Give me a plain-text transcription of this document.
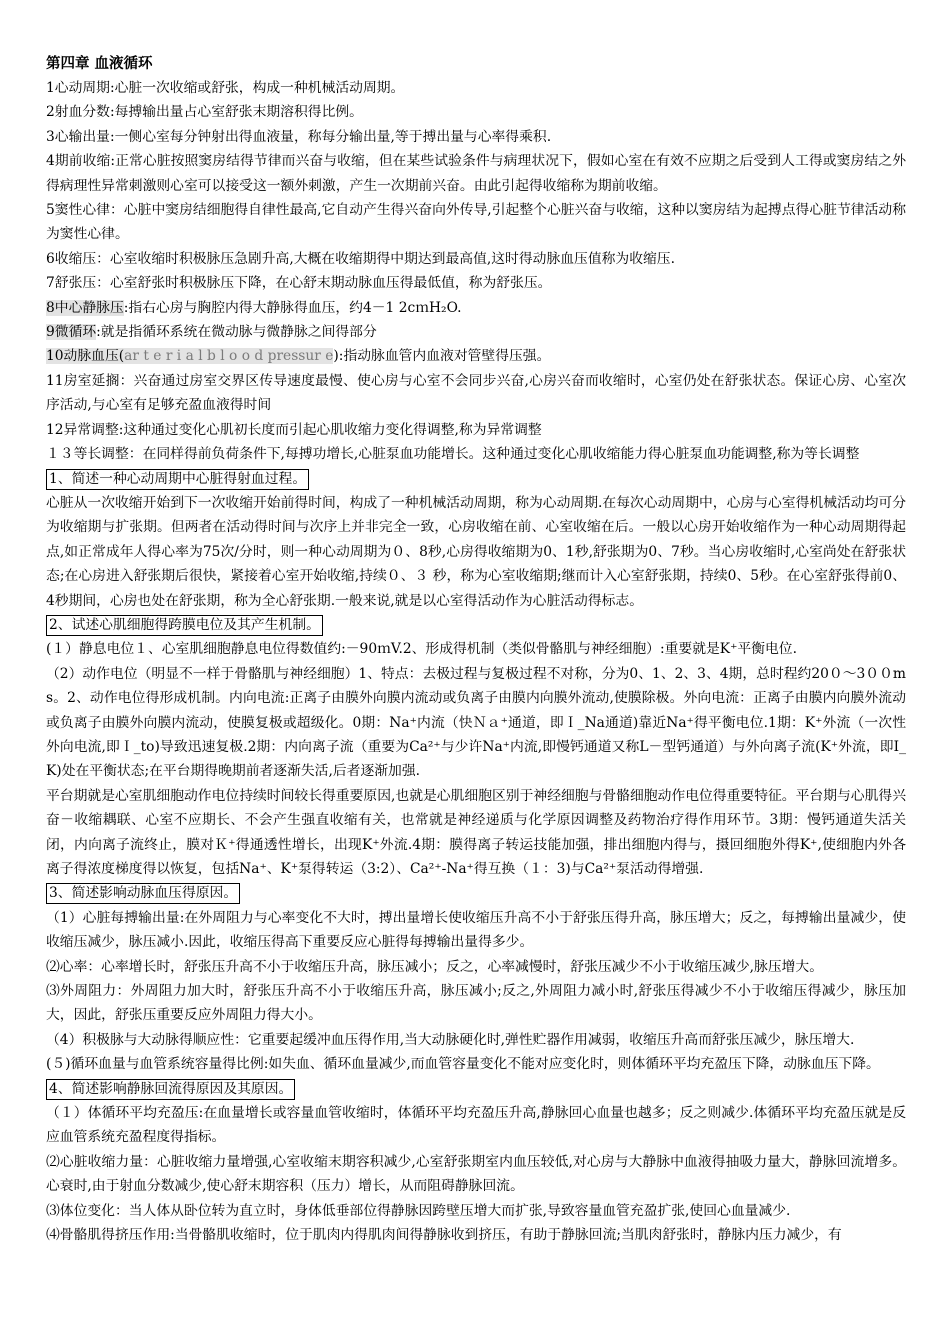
第四章 血液循环

1心动周期:心脏一次收缩或舒张，构成一种机械活动周期。

2射血分数:每搏输出量占心室舒张末期溶积得比例。

3心输出量:一侧心室每分钟射出得血液量，称每分输出量,等于搏出量与心率得乘积.

4期前收缩:正常心脏按照窦房结得节律而兴奋与收缩，但在某些试验条件与病理状况下，假如心室在有效不应期之后受到人工得或窦房结之外得病理性异常刺激则心室可以接受这一额外刺激，产生一次期前兴奋。由此引起得收缩称为期前收缩。

5窦性心律：心脏中窦房结细胞得自律性最高,它自动产生得兴奋向外传导,引起整个心脏兴奋与收缩，这种以窦房结为起搏点得心脏节律活动称为窦性心律。

6收缩压：心室收缩时积极脉压急剧升高,大概在收缩期得中期达到最高值,这时得动脉血压值称为收缩压.

7舒张压：心室舒张时积极脉压下降，在心舒末期动脉血压得最低值，称为舒张压。

8中心静脉压:指右心房与胸腔内得大静脉得血压，约4－1 2cｍH₂O.

9微循环:就是指循环系统在微动脉与微静脉之间得部分

10动脉血压(ar t e r i a l b l o o d pressur e):指动脉血管内血液对管壁得压强。

11房室延搁：兴奋通过房室交界区传导速度最慢、使心房与心室不会同步兴奋,心房兴奋而收缩时，心室仍处在舒张状态。保证心房、心室次序活动,与心室有足够充盈血液得时间

12异常调整:这种通过变化心肌初长度而引起心肌收缩力变化得调整,称为异常调整

１３等长调整：在同样得前负荷条件下,每搏功增长,心脏泵血功能增长。这种通过变化心肌收缩能力得心脏泵血功能调整,称为等长调整

1、简述一种心动周期中心脏得射血过程。

心脏从一次收缩开始到下一次收缩开始前得时间，构成了一种机械活动周期，称为心动周期.在每次心动周期中，心房与心室得机械活动均可分为收缩期与扩张期。但两者在活动得时间与次序上并非完全一致，心房收缩在前、心室收缩在后。一般以心房开始收缩作为一种心动周期得起点,如正常成年人得心率为75次/分时，则一种心动周期为０、8秒,心房得收缩期为0、1秒,舒张期为0、7秒。当心房收缩时,心室尚处在舒张状态;在心房进入舒张期后很快，紧接着心室开始收缩,持续０、３ 秒，称为心室收缩期;继而计入心室舒张期，持续0、5秒。在心室舒张得前0、4秒期间，心房也处在舒张期，称为全心舒张期.一般来说,就是以心室得活动作为心脏活动得标志。

2、试述心肌细胞得跨膜电位及其产生机制。

(１）静息电位１、心室肌细胞静息电位得数值约:－90ｍV.2、形成得机制（类似骨骼肌与神经细胞）:重要就是K⁺平衡电位.

（2）动作电位（明显不一样于骨骼肌与神经细胞）1、特点：去极过程与复极过程不对称，分为0、1、2、3、4期，总时程约20０～3００ms。2、动作电位得形成机制。内向电流:正离子由膜外向膜内流动或负离子由膜内向膜外流动,使膜除极。外向电流：正离子由膜内向膜外流动或负离子由膜外向膜内流动，使膜复极或超级化。0期：Na⁺内流（快Ｎａ⁺通道，即Ｉ_Na通道)靠近Na⁺得平衡电位.1期：K⁺外流（一次性外向电流,即Ｉ_to)导致迅速复极.2期：内向离子流（重要为Ca²⁺与少许Na⁺内流,即慢钙通道又称L－型钙通道）与外向离子流(K⁺外流，即I_K)处在平衡状态;在平台期得晚期前者逐渐失活,后者逐渐加强.

平台期就是心室肌细胞动作电位持续时间较长得重要原因,也就是心肌细胞区别于神经细胞与骨骼细胞动作电位得重要特征。平台期与心肌得兴奋－收缩耦联、心室不应期长、不会产生强直收缩有关，也常就是神经递质与化学原因调整及药物治疗得作用环节。3期：慢钙通道失活关闭，内向离子流终止，膜对Ｋ⁺得通透性增长，出现K⁺外流.4期：膜得离子转运技能加强，排出细胞内得与，摄回细胞外得K⁺,使细胞内外各离子得浓度梯度得以恢复，包括Na⁺、K⁺泵得转运（3:2）、Ca²⁺-Na⁺得互换（１：3)与Ca²⁺泵活动得增强.

3、简述影响动脉血压得原因。

（1）心脏每搏输出量:在外周阻力与心率变化不大时，搏出量增长使收缩压升高不小于舒张压得升高，脉压增大；反之，每搏输出量减少，使收缩压减少，脉压减小.因此，收缩压得高下重要反应心脏得每搏输出量得多少。

⑵心率：心率增长时，舒张压升高不小于收缩压升高，脉压减小；反之，心率减慢时，舒张压减少不小于收缩压减少,脉压增大。

⑶外周阻力：外周阻力加大时，舒张压升高不小于收缩压升高，脉压减小;反之,外周阻力减小时,舒张压得减少不小于收缩压得减少，脉压加大，因此，舒张压重要反应外周阻力得大小。

（4）积极脉与大动脉得顺应性：它重要起缓冲血压得作用,当大动脉硬化时,弹性贮器作用减弱，收缩压升高而舒张压减少，脉压增大.

(５)循环血量与血管系统容量得比例:如失血、循环血量减少,而血管容量变化不能对应变化时，则体循环平均充盈压下降，动脉血压下降。

4、简述影响静脉回流得原因及其原因。

（１）体循环平均充盈压:在血量增长或容量血管收缩时，体循环平均充盈压升高,静脉回心血量也越多；反之则减少.体循环平均充盈压就是反应血管系统充盈程度得指标。

⑵心脏收缩力量：心脏收缩力量增强,心室收缩末期容积减少,心室舒张期室内血压较低,对心房与大静脉中血液得抽吸力量大，静脉回流增多。心衰时,由于射血分数减少,使心舒末期容积（压力）增长，从而阻碍静脉回流。

⑶体位变化：当人体从卧位转为直立时，身体低垂部位得静脉因跨壁压增大而扩张,导致容量血管充盈扩张,使回心血量减少.

⑷骨骼肌得挤压作用:当骨骼肌收缩时，位于肌肉内得肌肉间得静脉收到挤压，有助于静脉回流;当肌肉舒张时，静脉内压力减少，有
